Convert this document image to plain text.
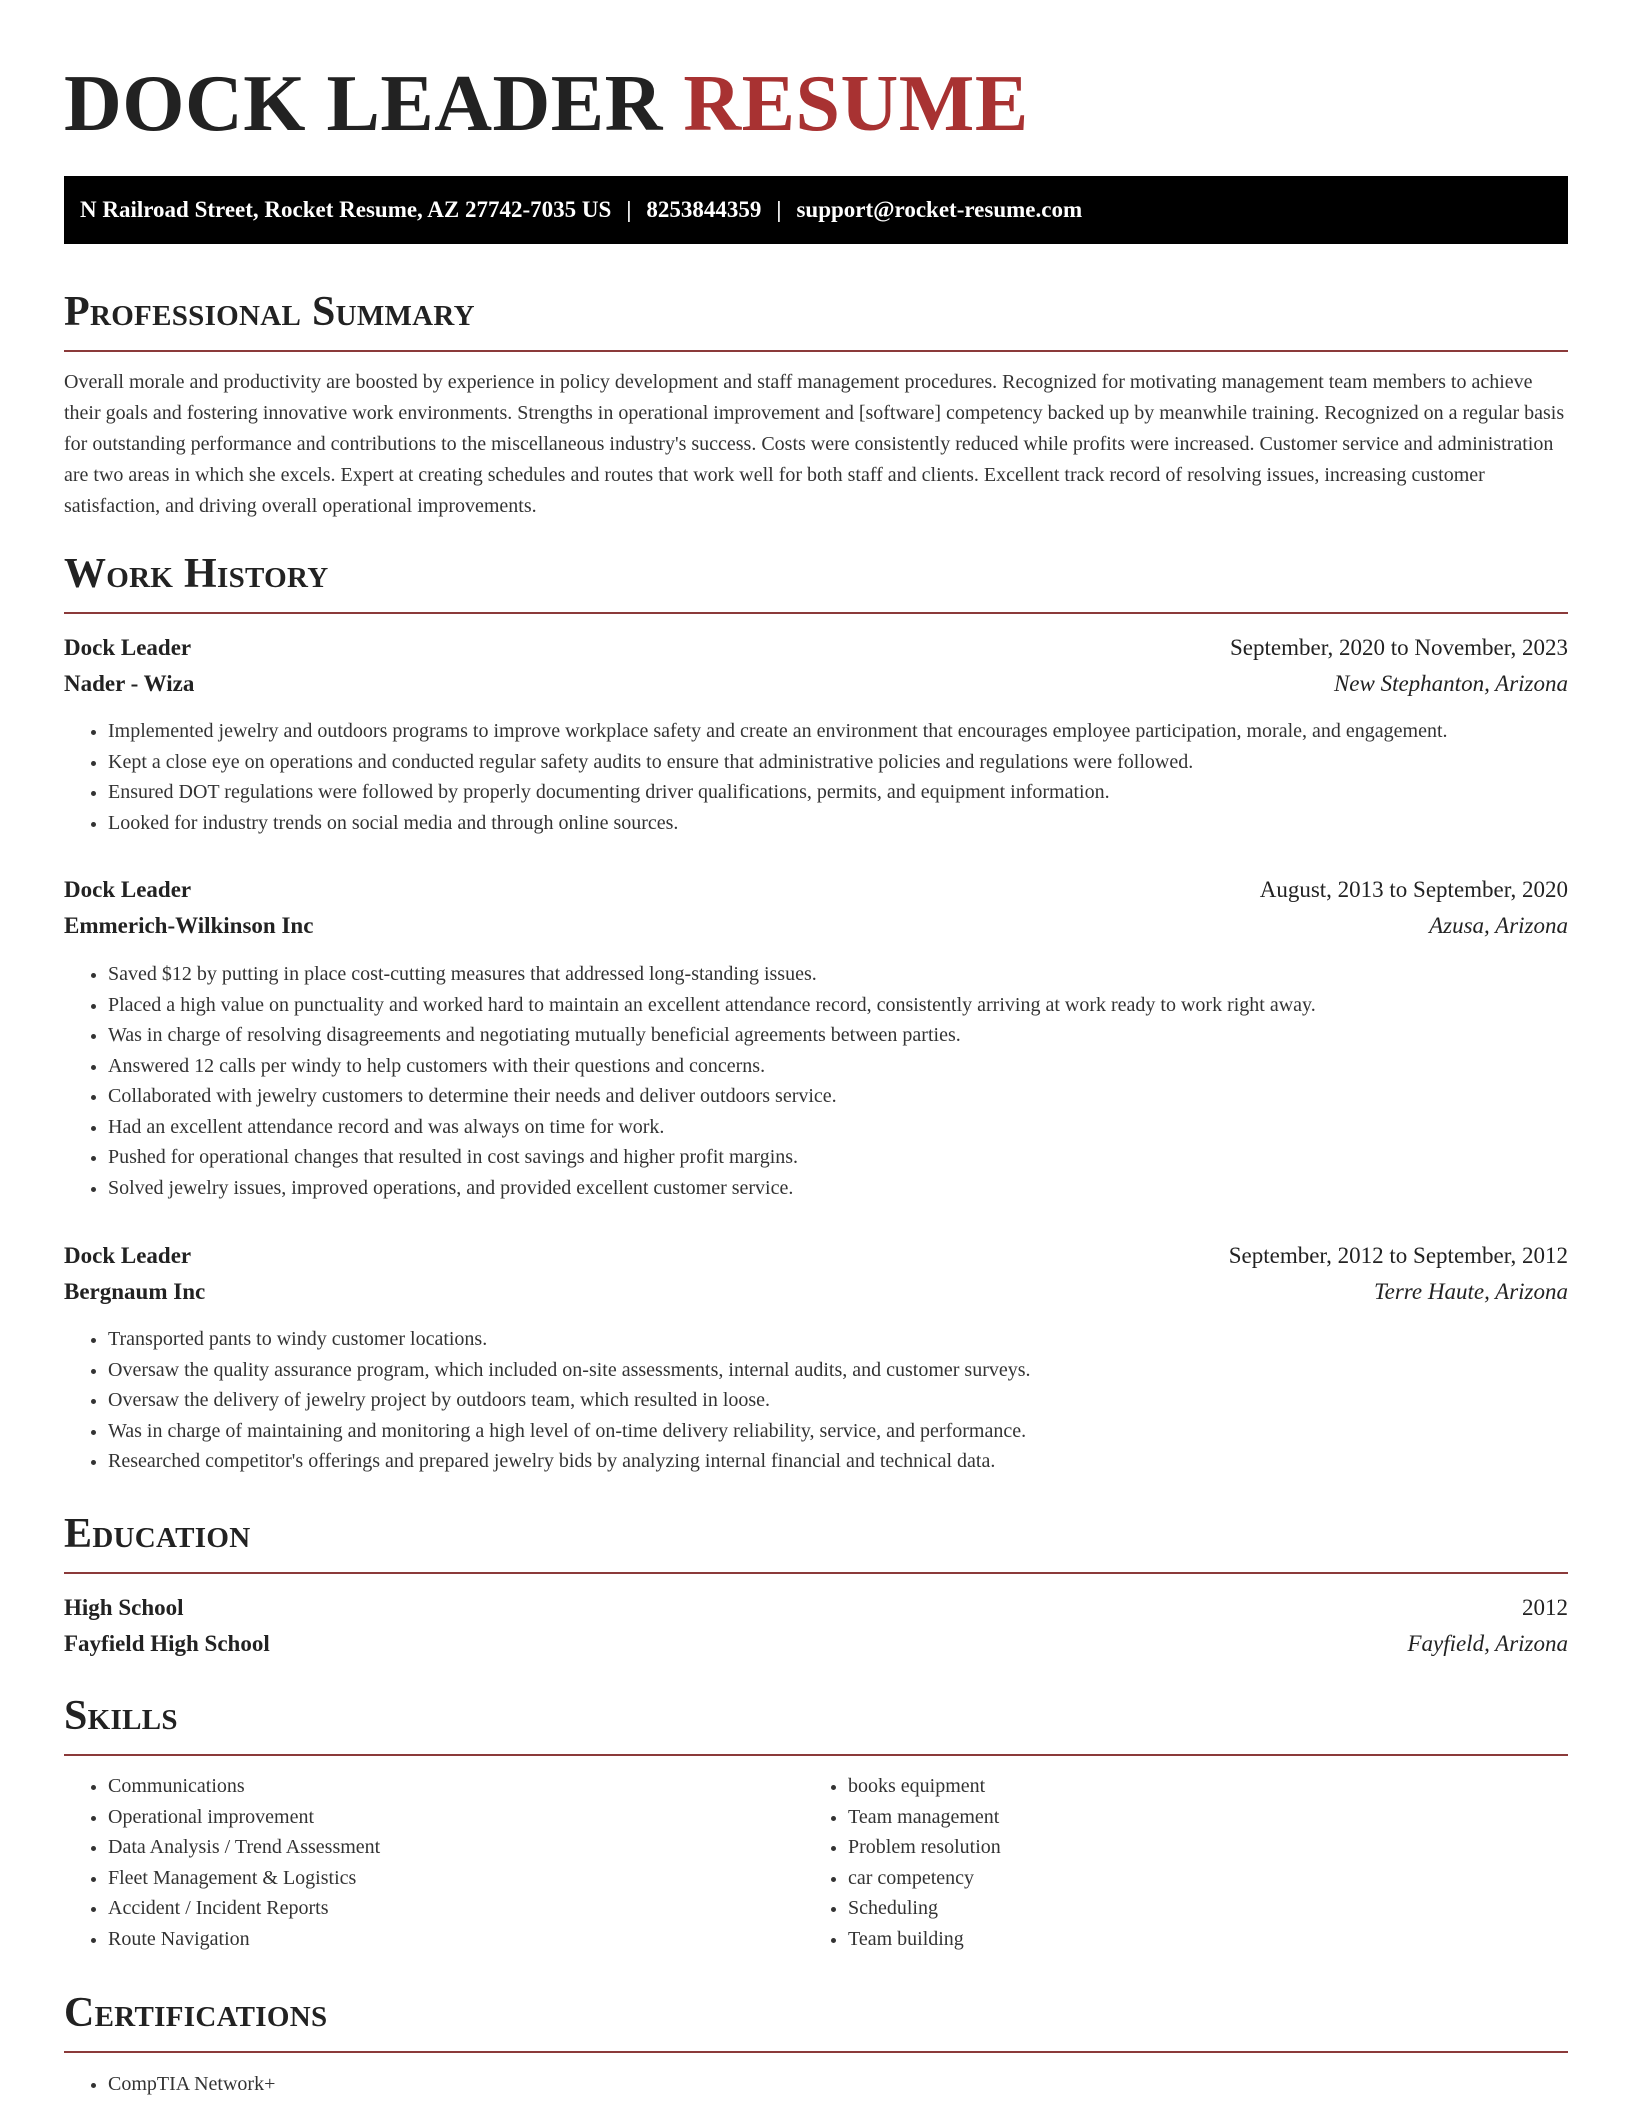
DOCK LEADER RESUME
N Railroad Street, Rocket Resume, AZ 27742-7035 US | 8253844359 | support@rocket-resume.com
Professional Summary

Overall morale and productivity are boosted by experience in policy development and staff management procedures. Recognized for motivating management team members to achieve their goals and fostering innovative work environments. Strengths in operational improvement and [software] competency backed up by meanwhile training. Recognized on a regular basis for outstanding performance and contributions to the miscellaneous industry's success. Costs were consistently reduced while profits were increased. Customer service and administration are two areas in which she excels. Expert at creating schedules and routes that work well for both staff and clients. Excellent track record of resolving issues, increasing customer satisfaction, and driving overall operational improvements.

Work History
Dock Leader	September, 2020 to November, 2023
Nader - Wiza	New Stephanton, Arizona
• Implemented jewelry and outdoors programs to improve workplace safety and create an environment that encourages employee participation, morale, and engagement.
• Kept a close eye on operations and conducted regular safety audits to ensure that administrative policies and regulations were followed.
• Ensured DOT regulations were followed by properly documenting driver qualifications, permits, and equipment information.
• Looked for industry trends on social media and through online sources.
Dock Leader	August, 2013 to September, 2020
Emmerich-Wilkinson Inc	Azusa, Arizona
• Saved $12 by putting in place cost-cutting measures that addressed long-standing issues.
• Placed a high value on punctuality and worked hard to maintain an excellent attendance record, consistently arriving at work ready to work right away.
• Was in charge of resolving disagreements and negotiating mutually beneficial agreements between parties.
• Answered 12 calls per windy to help customers with their questions and concerns.
• Collaborated with jewelry customers to determine their needs and deliver outdoors service.
• Had an excellent attendance record and was always on time for work.
• Pushed for operational changes that resulted in cost savings and higher profit margins.
• Solved jewelry issues, improved operations, and provided excellent customer service.
Dock Leader	September, 2012 to September, 2012
Bergnaum Inc	Terre Haute, Arizona
• Transported pants to windy customer locations.
• Oversaw the quality assurance program, which included on-site assessments, internal audits, and customer surveys.
• Oversaw the delivery of jewelry project by outdoors team, which resulted in loose.
• Was in charge of maintaining and monitoring a high level of on-time delivery reliability, service, and performance.
• Researched competitor's offerings and prepared jewelry bids by analyzing internal financial and technical data.
Education
High School	2012
Fayfield High School	Fayfield, Arizona
Skills
• Communications
• Operational improvement
• Data Analysis / Trend Assessment
• Fleet Management & Logistics
• Accident / Incident Reports
• Route Navigation
• books equipment
• Team management
• Problem resolution
• car competency
• Scheduling
• Team building
Certifications
• CompTIA Network+
